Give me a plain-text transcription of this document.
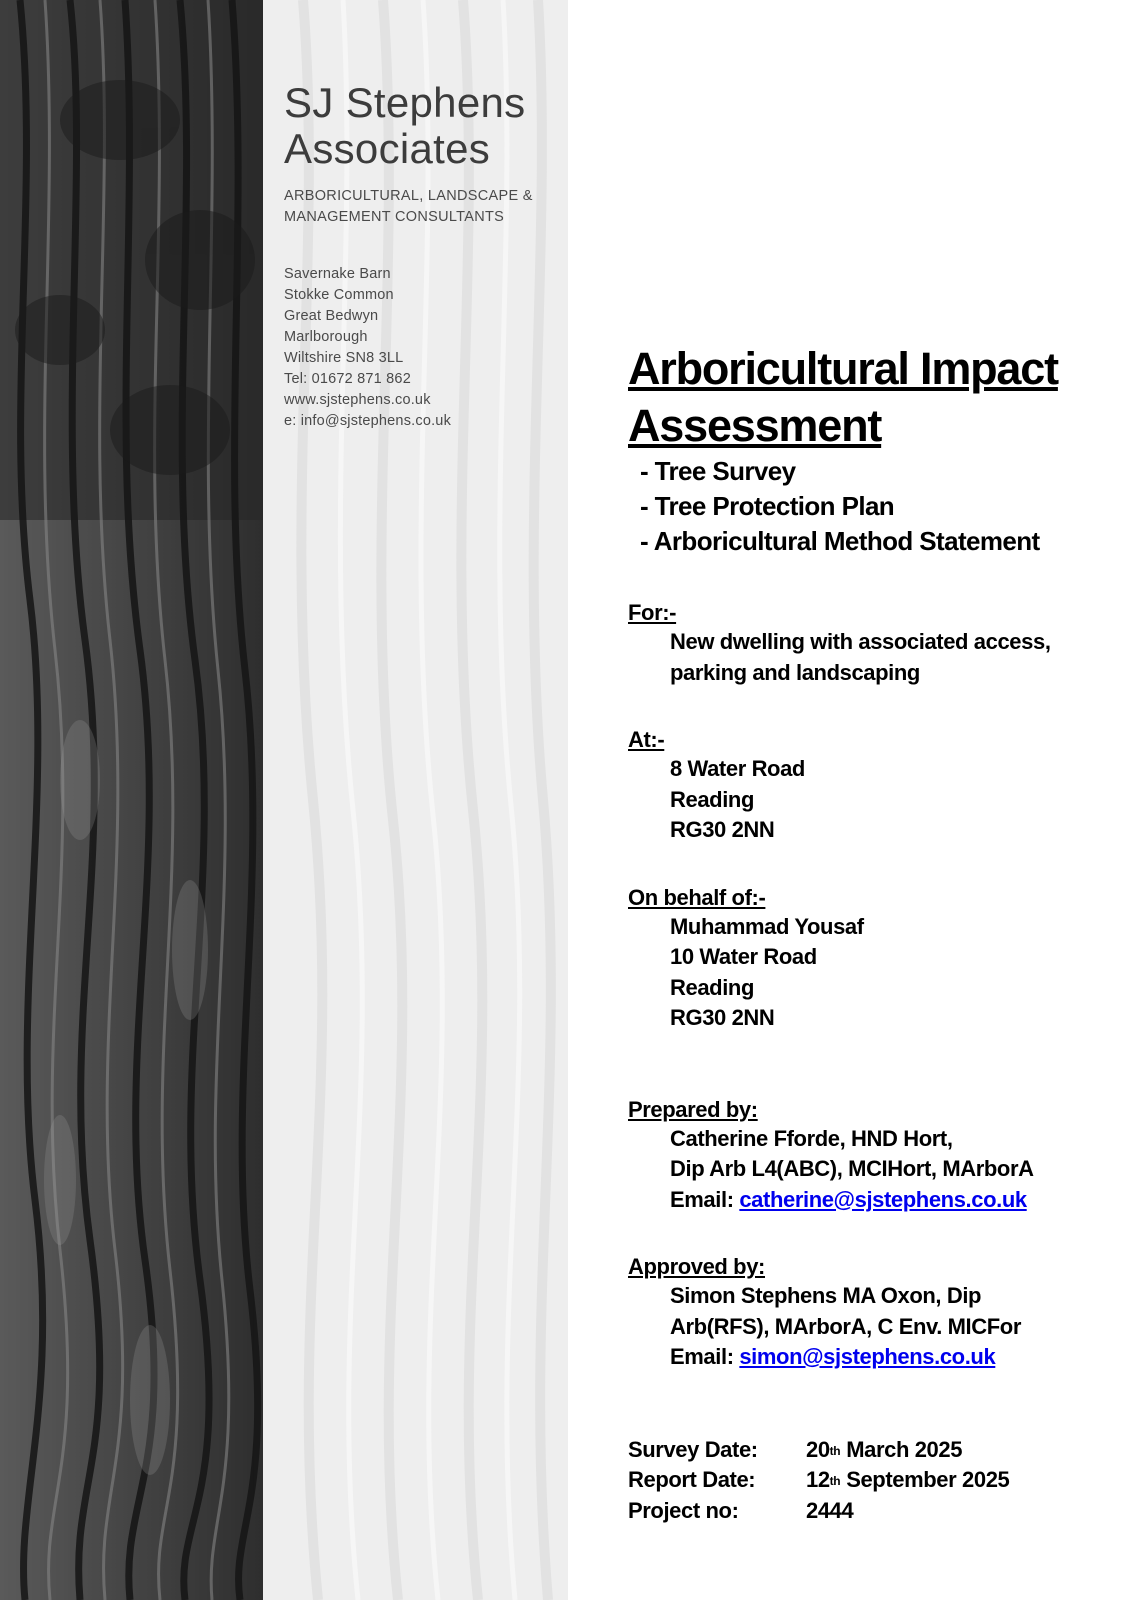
SJ Stephens
Associates
ARBORICULTURAL, LANDSCAPE &
MANAGEMENT CONSULTANTS
Savernake Barn
Stokke Common
Great Bedwyn
Marlborough
Wiltshire SN8 3LL
Tel: 01672 871 862
www.sjstephens.co.uk
e: info@sjstephens.co.uk
Arboricultural Impact
Assessment
- Tree Survey
- Tree Protection Plan
- Arboricultural Method Statement
For:-
New dwelling with associated access,
parking and landscaping
At:-
8 Water Road
Reading
RG30 2NN
On behalf of:-
Muhammad Yousaf
10 Water Road
Reading
RG30 2NN
Prepared by:
Catherine Fforde, HND Hort,
Dip Arb L4(ABC), MCIHort, MArborA
Email: catherine@sjstephens.co.uk
Approved by:
Simon Stephens MA Oxon, Dip
Arb(RFS), MArborA, C Env. MICFor
Email: simon@sjstephens.co.uk
Survey Date:	20th March 2025
Report Date:	12th September 2025
Project no:	2444
